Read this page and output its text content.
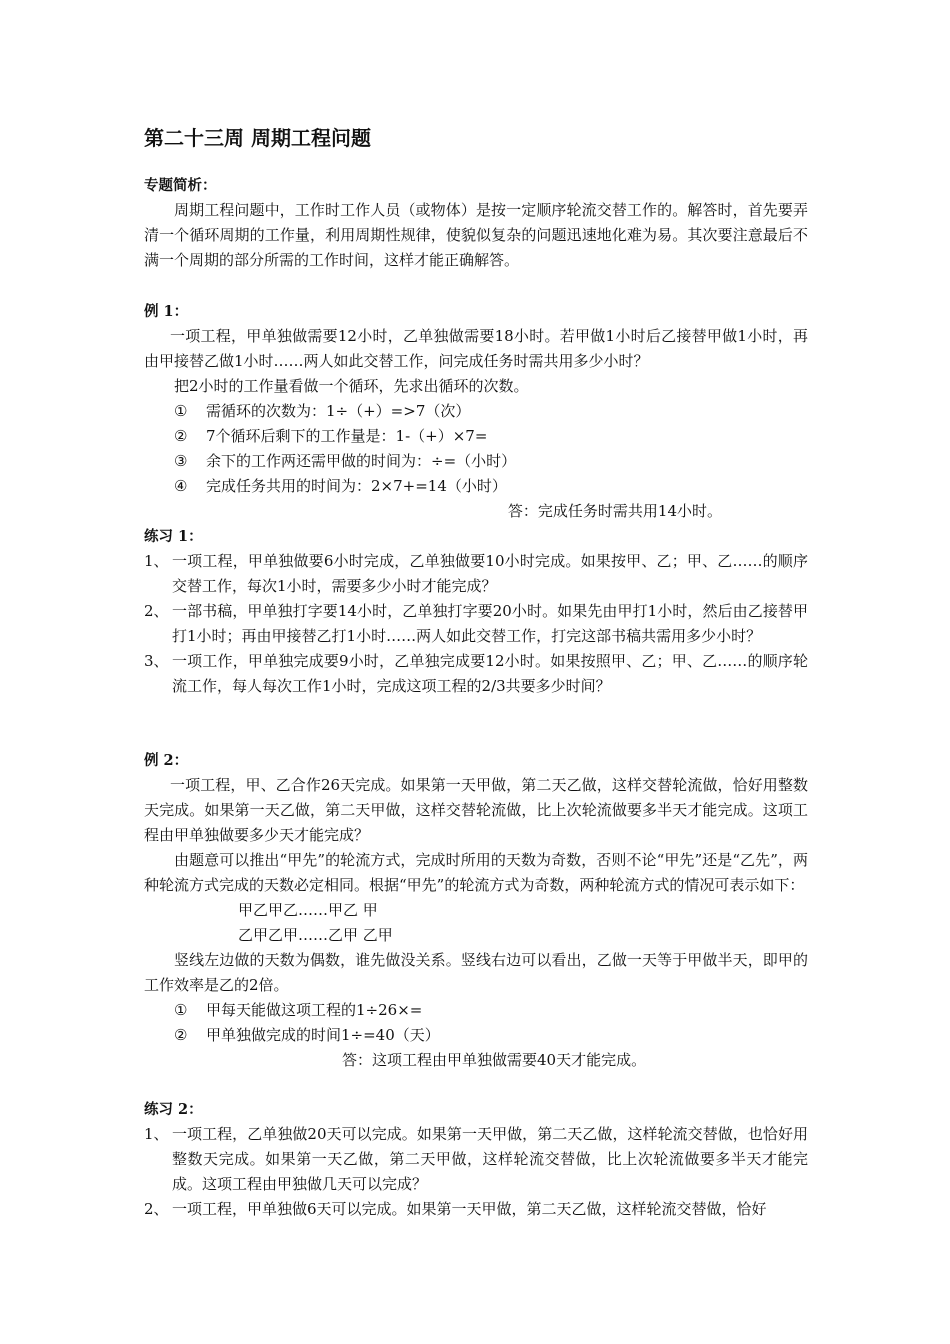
第二十三周 周期工程问题

专题简析：

周期工程问题中，工作时工作人员（或物体）是按一定顺序轮流交替工作的。解答时，首先要弄清一个循环周期的工作量，利用周期性规律，使貌似复杂的问题迅速地化难为易。其次要注意最后不满一个周期的部分所需的工作时间，这样才能正确解答。

例 1：

一项工程，甲单独做需要12小时，乙单独做需要18小时。若甲做1小时后乙接替甲做1小时，再由甲接替乙做1小时……两人如此交替工作，问完成任务时需共用多少小时？

把2小时的工作量看做一个循环，先求出循环的次数。

①	需循环的次数为：1÷（+）=>7（次）
②	7个循环后剩下的工作量是：1-（+）×7=
③	余下的工作两还需甲做的时间为：÷=（小时）
④	完成任务共用的时间为：2×7+=14（小时）

答：完成任务时需共用14小时。

练习 1：

1、 一项工程，甲单独做要6小时完成，乙单独做要10小时完成。如果按甲、乙；甲、乙……的顺序交替工作，每次1小时，需要多少小时才能完成？
2、 一部书稿，甲单独打字要14小时，乙单独打字要20小时。如果先由甲打1小时，然后由乙接替甲打1小时；再由甲接替乙打1小时……两人如此交替工作，打完这部书稿共需用多少小时？
3、 一项工作，甲单独完成要9小时，乙单独完成要12小时。如果按照甲、乙；甲、乙……的顺序轮流工作，每人每次工作1小时，完成这项工程的2/3共要多少时间？

例 2：

一项工程，甲、乙合作26天完成。如果第一天甲做，第二天乙做，这样交替轮流做，恰好用整数天完成。如果第一天乙做，第二天甲做，这样交替轮流做，比上次轮流做要多半天才能完成。这项工程由甲单独做要多少天才能完成？

由题意可以推出“甲先”的轮流方式，完成时所用的天数为奇数，否则不论“甲先”还是“乙先”，两种轮流方式完成的天数必定相同。根据“甲先”的轮流方式为奇数，两种轮流方式的情况可表示如下：

甲乙甲乙……甲乙 甲

乙甲乙甲……乙甲 乙甲

竖线左边做的天数为偶数，谁先做没关系。竖线右边可以看出，乙做一天等于甲做半天，即甲的工作效率是乙的2倍。

①	甲每天能做这项工程的1÷26×=
②	甲单独做完成的时间1÷=40（天）

答：这项工程由甲单独做需要40天才能完成。

练习 2：

1、 一项工程，乙单独做20天可以完成。如果第一天甲做，第二天乙做，这样轮流交替做，也恰好用整数天完成。如果第一天乙做，第二天甲做，这样轮流交替做，比上次轮流做要多半天才能完成。这项工程由甲独做几天可以完成？
2、 一项工程，甲单独做6天可以完成。如果第一天甲做，第二天乙做，这样轮流交替做，恰好
